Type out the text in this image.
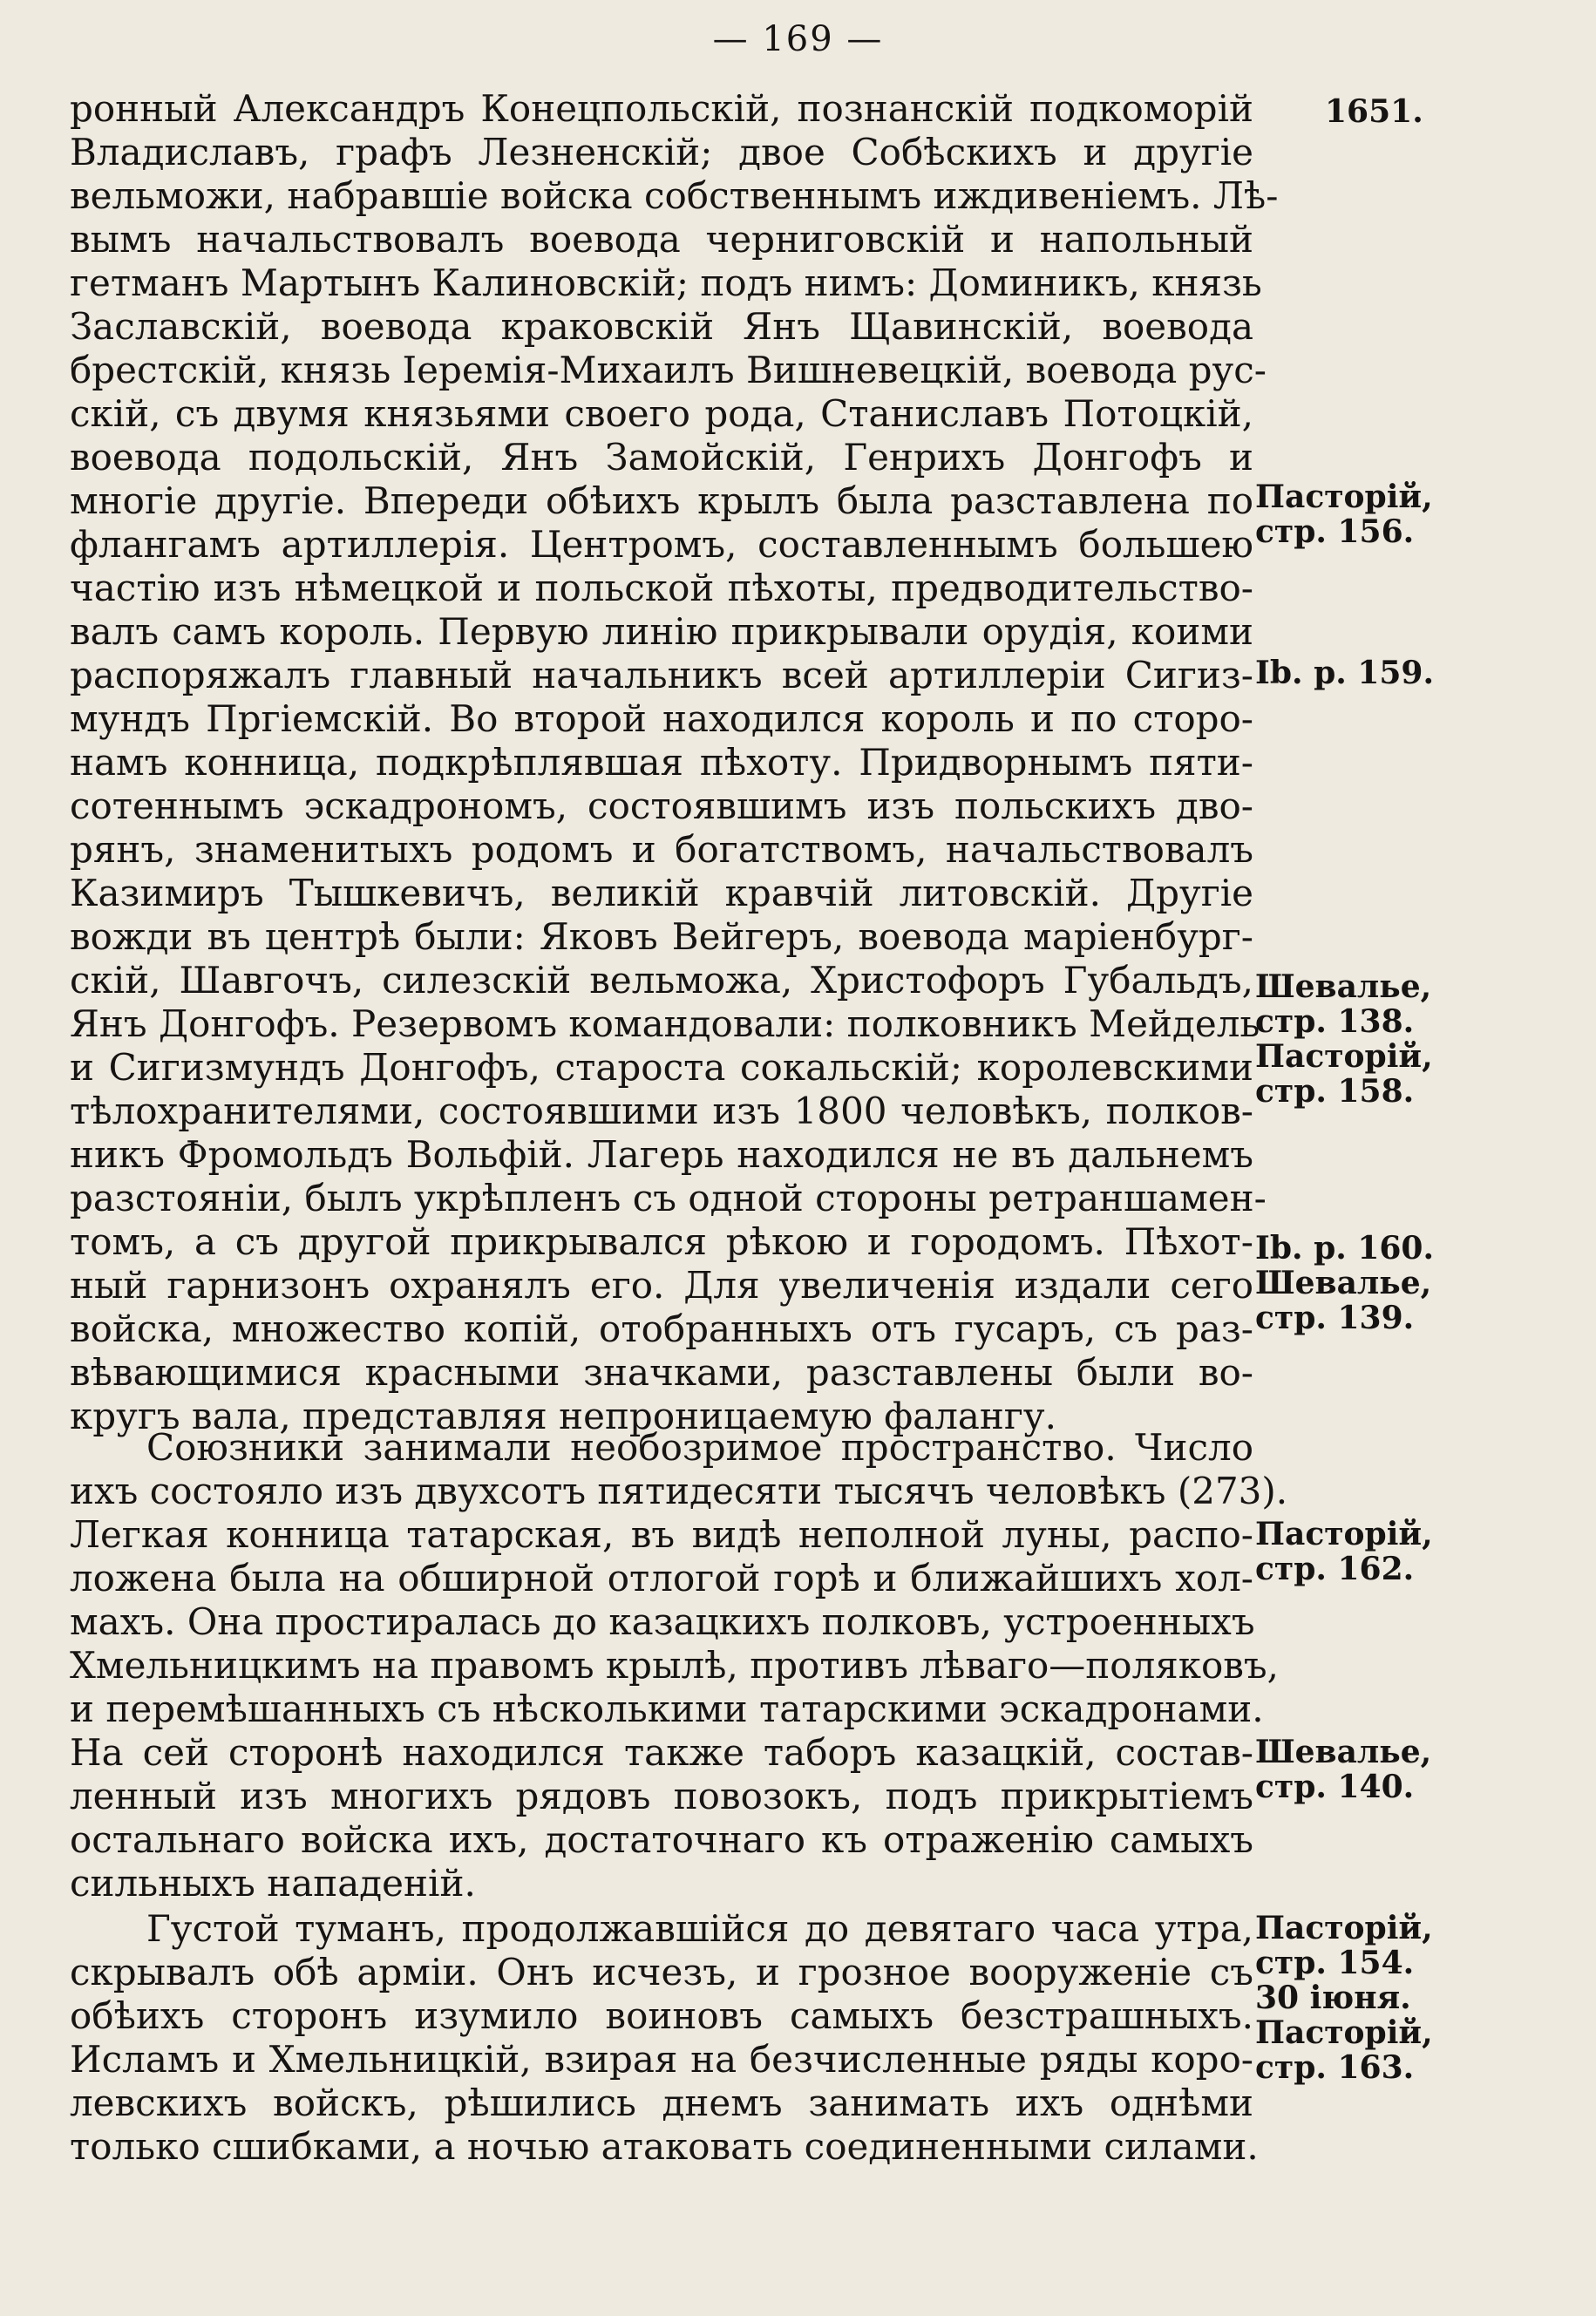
— 169 —
ронный Александръ Конецпольскій, познанскій подкоморій
Владиславъ, графъ Лезненскій; двое Собѣскихъ и другіе
вельможи, набравшіе войска собственнымъ иждивеніемъ. Лѣ-
вымъ начальствовалъ воевода черниговскій и напольный
гетманъ Мартынъ Калиновскій; подъ нимъ: Доминикъ, князь
Заславскій, воевода краковскій Янъ Щавинскій, воевода
брестскій, князь Іеремія-Михаилъ Вишневецкій, воевода рус-
скій, съ двумя князьями своего рода, Станиславъ Потоцкій,
воевода подольскій, Янъ Замойскій, Генрихъ Донгофъ и
многіе другіе. Впереди обѣихъ крылъ была разставлена по
флангамъ артиллерія. Центромъ, составленнымъ большею
частію изъ нѣмецкой и польской пѣхоты, предводительство-
валъ самъ король. Первую линію прикрывали орудія, коими
распоряжалъ главный начальникъ всей артиллеріи Сигиз-
мундъ Пргіемскій. Во второй находился король и по сторо-
намъ конница, подкрѣплявшая пѣхоту. Придворнымъ пяти-
сотеннымъ эскадрономъ, состоявшимъ изъ польскихъ дво-
рянъ, знаменитыхъ родомъ и богатствомъ, начальствовалъ
Казимиръ Тышкевичъ, великій кравчій литовскій. Другіе
вожди въ центрѣ были: Яковъ Вейгеръ, воевода маріенбург-
скій, Шавгочъ, силезскій вельможа, Христофоръ Губальдъ,
Янъ Донгофъ. Резервомъ командовали: полковникъ Мейдель
и Сигизмундъ Донгофъ, староста сокальскій; королевскими
тѣлохранителями, состоявшими изъ 1800 человѣкъ, полков-
никъ Фромольдъ Вольфій. Лагерь находился не въ дальнемъ
разстояніи, былъ укрѣпленъ съ одной стороны ретраншамен-
томъ, а съ другой прикрывался рѣкою и городомъ. Пѣхот-
ный гарнизонъ охранялъ его. Для увеличенія издали сего
войска, множество копій, отобранныхъ отъ гусаръ, съ раз-
вѣвающимися красными значками, разставлены были во-
кругъ вала, представляя непроницаемую фалангу.
Союзники занимали необозримое пространство. Число
ихъ состояло изъ двухсотъ пятидесяти тысячъ человѣкъ (273).
Легкая конница татарская, въ видѣ неполной луны, распо-
ложена была на обширной отлогой горѣ и ближайшихъ хол-
махъ. Она простиралась до казацкихъ полковъ, устроенныхъ
Хмельницкимъ на правомъ крылѣ, противъ лѣваго—поляковъ,
и перемѣшанныхъ съ нѣсколькими татарскими эскадронами.
На сей сторонѣ находился также таборъ казацкій, состав-
ленный изъ многихъ рядовъ повозокъ, подъ прикрытіемъ
остальнаго войска ихъ, достаточнаго къ отраженію самыхъ
сильныхъ нападеній.
Густой туманъ, продолжавшійся до девятаго часа утра,
скрывалъ обѣ арміи. Онъ исчезъ, и грозное вооруженіе съ
обѣихъ сторонъ изумило воиновъ самыхъ безстрашныхъ.
Исламъ и Хмельницкій, взирая на безчисленные ряды коро-
левскихъ войскъ, рѣшились днемъ занимать ихъ однѣми
только сшибками, а ночью атаковать соединенными силами.
1651.
Пасторій,
стр. 156.
Ib. p. 159.
Шевалье,
стр. 138.
Пасторій,
стр. 158.
Ib. p. 160.
Шевалье,
стр. 139.
Пасторій,
стр. 162.
Шевалье,
стр. 140.
Пасторій,
стр. 154.
30 іюня.
Пасторій,
стр. 163.
